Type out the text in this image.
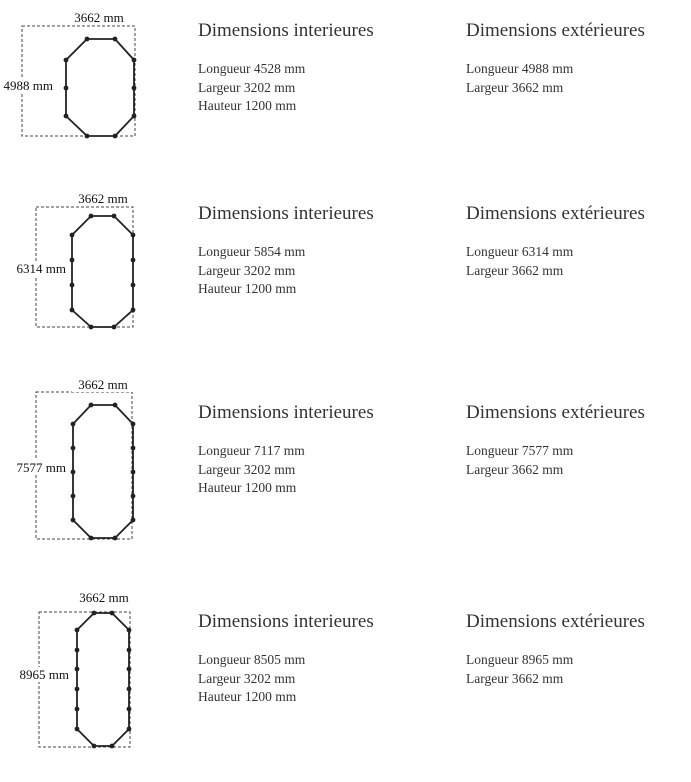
3662 mm
4988 mm
Dimensions interieures
Longueur 4528 mm
Largeur 3202 mm
Hauteur 1200 mm
Dimensions extérieures
Longueur 4988 mm
Largeur 3662 mm
3662 mm
6314 mm
Dimensions interieures
Longueur 5854 mm
Largeur 3202 mm
Hauteur 1200 mm
Dimensions extérieures
Longueur 6314 mm
Largeur 3662 mm
3662 mm
7577 mm
Dimensions interieures
Longueur 7117 mm
Largeur 3202 mm
Hauteur 1200 mm
Dimensions extérieures
Longueur 7577 mm
Largeur 3662 mm
3662 mm
8965 mm
Dimensions interieures
Longueur 8505 mm
Largeur 3202 mm
Hauteur 1200 mm
Dimensions extérieures
Longueur 8965 mm
Largeur 3662 mm
